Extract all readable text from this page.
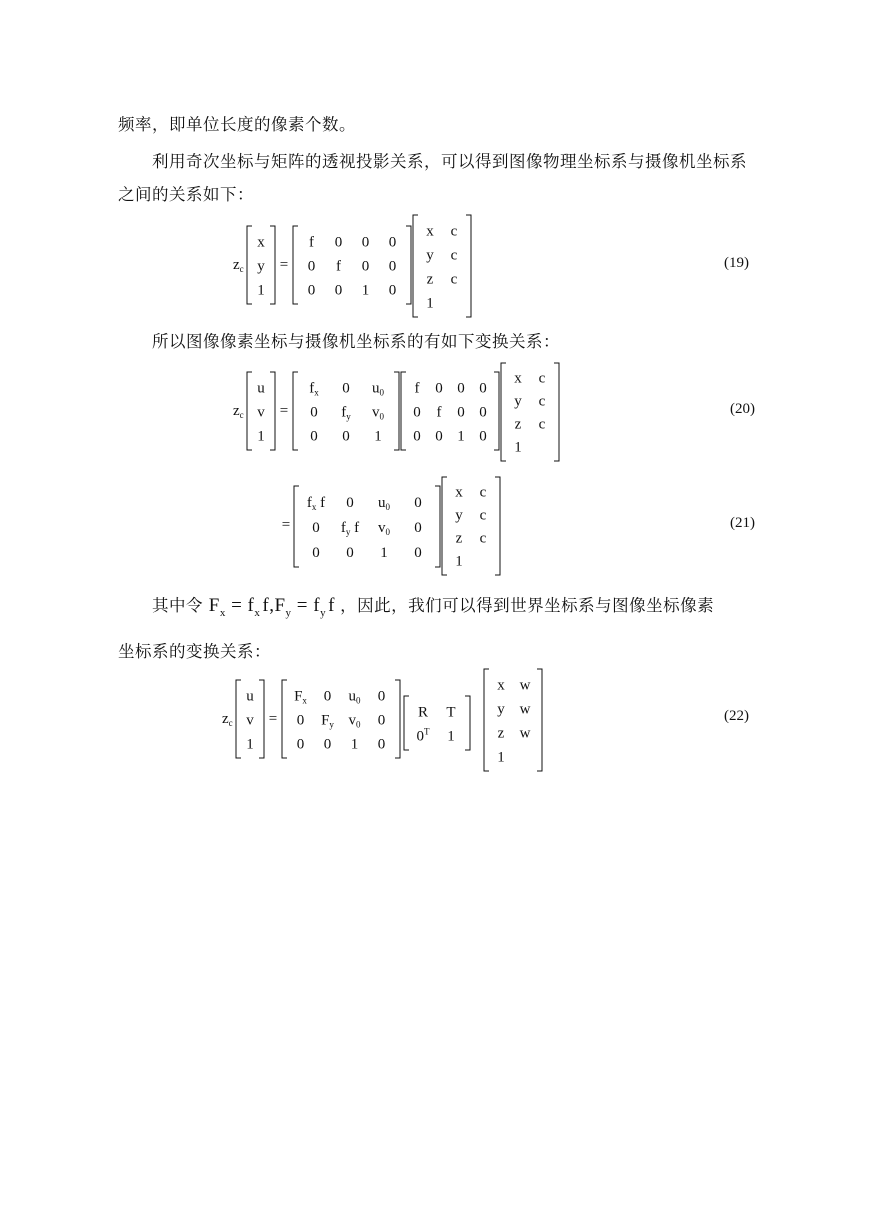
频率，即单位长度的像素个数。
利用奇次坐标与矩阵的透视投影关系，可以得到图像物理坐标系与摄像机坐标系
之间的关系如下：
$z_c$
x
y
1
=
f 0 0 0
0 f 0 0
0 0 1 0
x c
y c
z c
1
(19)
所以图像像素坐标与摄像机坐标系的有如下变换关系：
$z_c$
u
v
1
=
$f_x$ 0 $u_0$
0 $f_y$ $v_0$
0 0 1
f 0 0 0
0 f 0 0
0 0 1 0
x c
y c
z c
1
(20)
=
$f_x$ f 0 $u_0$ 0
0 $f_y$ f $v_0$ 0
0 0 1 0
x c
y c
z c
1
(21)
其中令 $F_x = f_x$ $f,F_y = f_y$ f ，因此，我们可以得到世界坐标系与图像坐标像素
坐标系的变换关系：
$z_c$
u
v
1
=
$F_x$ 0 $u_0$ 0
0 $F_y$ $v_0$ 0
0 0 1 0
R T
$0^T$ 1
x w
y w
z w
1
(22)
